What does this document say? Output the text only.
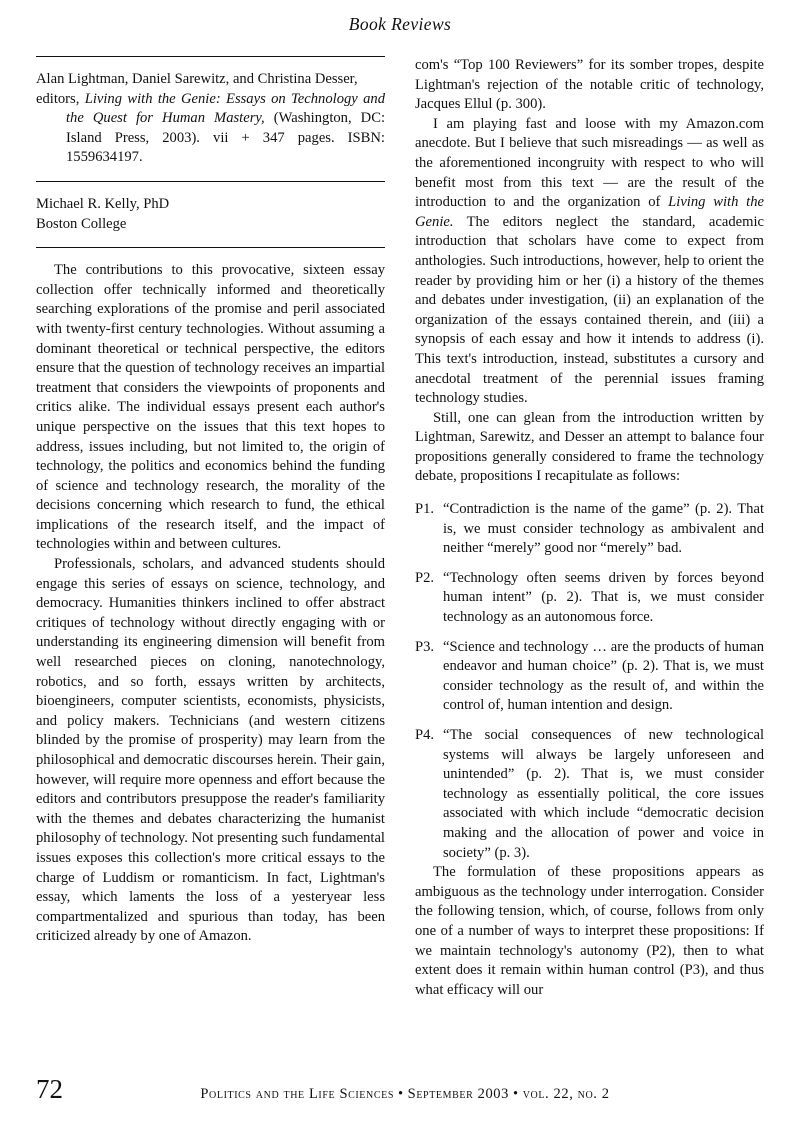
Book Reviews
Alan Lightman, Daniel Sarewitz, and Christina Desser,
editors, Living with the Genie: Essays on Technology and the Quest for Human Mastery, (Washington, DC: Island Press, 2003). vii + 347 pages. ISBN: 1559634197.
Michael R. Kelly, PhD
Boston College

The contributions to this provocative, sixteen essay collection offer technically informed and theoretically searching explorations of the promise and peril associated with twenty-first century technologies. Without assuming a dominant theoretical or technical perspective, the editors ensure that the question of technology receives an impartial treatment that considers the viewpoints of proponents and critics alike. The individual essays present each author's unique perspective on the issues that this text hopes to address, issues including, but not limited to, the origin of technology, the politics and economics behind the funding of science and technology research, the morality of the decisions concerning which research to fund, the ethical implications of the research itself, and the impact of technologies within and between cultures.

Professionals, scholars, and advanced students should engage this series of essays on science, technology, and democracy. Humanities thinkers inclined to offer abstract critiques of technology without directly engaging with or understanding its engineering dimension will benefit from well researched pieces on cloning, nanotechnology, robotics, and so forth, essays written by architects, bioengineers, computer scientists, economists, physicists, and policy makers. Technicians (and western citizens blinded by the promise of prosperity) may learn from the philosophical and democratic discourses herein. Their gain, however, will require more openness and effort because the editors and contributors presuppose the reader's familiarity with the themes and debates characterizing the humanist philosophy of technology. Not presenting such fundamental issues exposes this collection's more critical essays to the charge of Luddism or romanticism. In fact, Lightman's essay, which laments the loss of a yesteryear less compartmentalized and spurious than today, has been criticized already by one of Amazon.

com's “Top 100 Reviewers” for its somber tropes, despite Lightman's rejection of the notable critic of technology, Jacques Ellul (p. 300).

I am playing fast and loose with my Amazon.com anecdote. But I believe that such misreadings — as well as the aforementioned incongruity with respect to who will benefit most from this text — are the result of the introduction to and the organization of Living with the Genie. The editors neglect the standard, academic introduction that scholars have come to expect from anthologies. Such introductions, however, help to orient the reader by providing him or her (i) a history of the themes and debates under investigation, (ii) an explanation of the organization of the essays contained therein, and (iii) a synopsis of each essay and how it intends to address (i). This text's introduction, instead, substitutes a cursory and anecdotal treatment of the perennial issues framing technology studies.

Still, one can glean from the introduction written by Lightman, Sarewitz, and Desser an attempt to balance four propositions generally considered to frame the technology debate, propositions I recapitulate as follows:

P1. “Contradiction is the name of the game” (p. 2). That is, we must consider technology as ambivalent and neither “merely” good nor “merely” bad.
P2. “Technology often seems driven by forces beyond human intent” (p. 2). That is, we must consider technology as an autonomous force.
P3. “Science and technology … are the products of human endeavor and human choice” (p. 2). That is, we must consider technology as the result of, and within the control of, human intention and design.
P4. “The social consequences of new technological systems will always be largely unforeseen and unintended” (p. 2). That is, we must consider technology as essentially political, the core issues associated with which include “democratic decision making and the allocation of power and voice in society” (p. 3).

The formulation of these propositions appears as ambiguous as the technology under interrogation. Consider the following tension, which, of course, follows from only one of a number of ways to interpret these propositions: If we maintain technology's autonomy (P2), then to what extent does it remain within human control (P3), and thus what efficacy will our

72	Politics and the Life Sciences • September 2003 • vol. 22, no. 2
